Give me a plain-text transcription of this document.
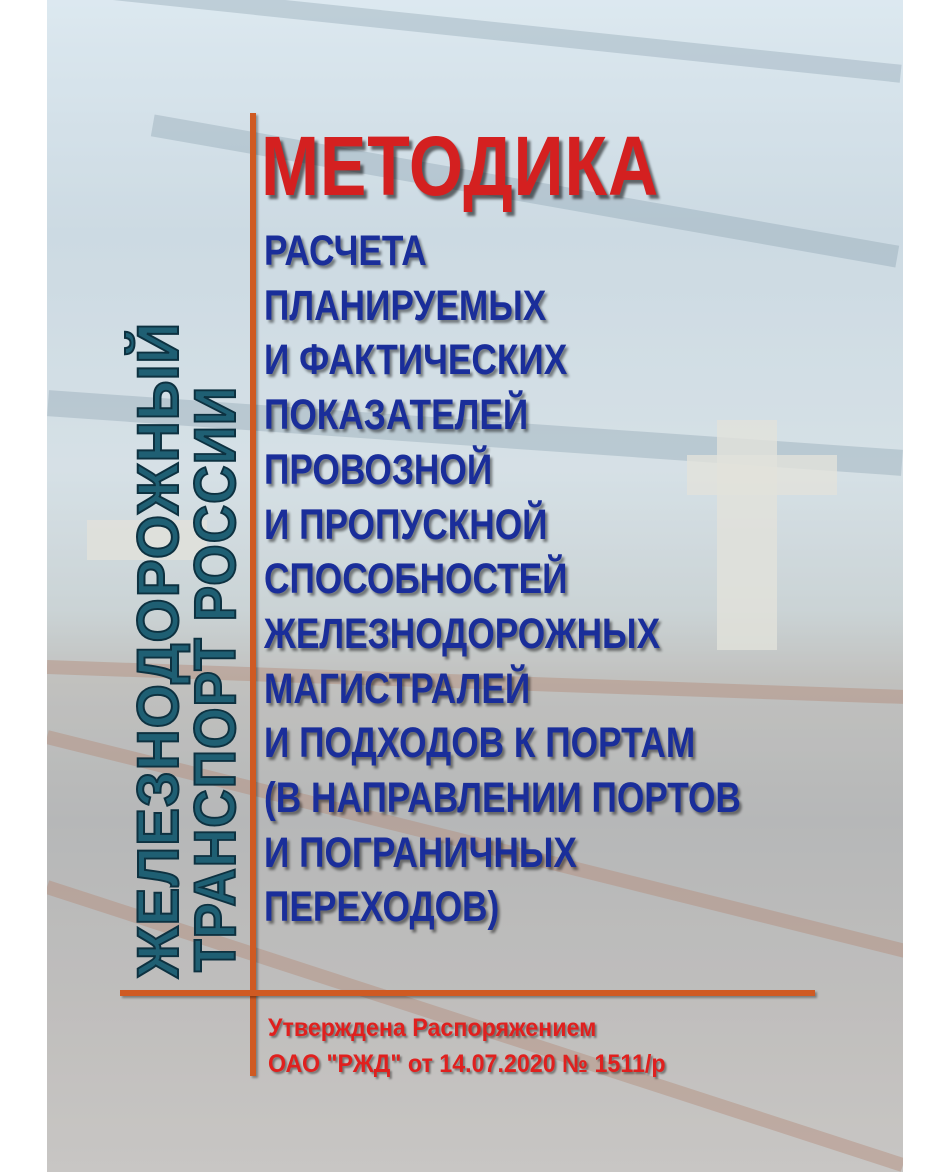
ЖЕЛЕЗНОДОРОЖНЫЙ
ТРАНСПОРТ РОССИИ
МЕТОДИКА
РАСЧЕТА
ПЛАНИРУЕМЫХ
И ФАКТИЧЕСКИХ
ПОКАЗАТЕЛЕЙ
ПРОВОЗНОЙ
И ПРОПУСКНОЙ
СПОСОБНОСТЕЙ
ЖЕЛЕЗНОДОРОЖНЫХ
МАГИСТРАЛЕЙ
И ПОДХОДОВ К ПОРТАМ
(В НАПРАВЛЕНИИ ПОРТОВ
И ПОГРАНИЧНЫХ
ПЕРЕХОДОВ)
Утверждена Распоряжением
ОАО "РЖД" от 14.07.2020 № 1511/р
